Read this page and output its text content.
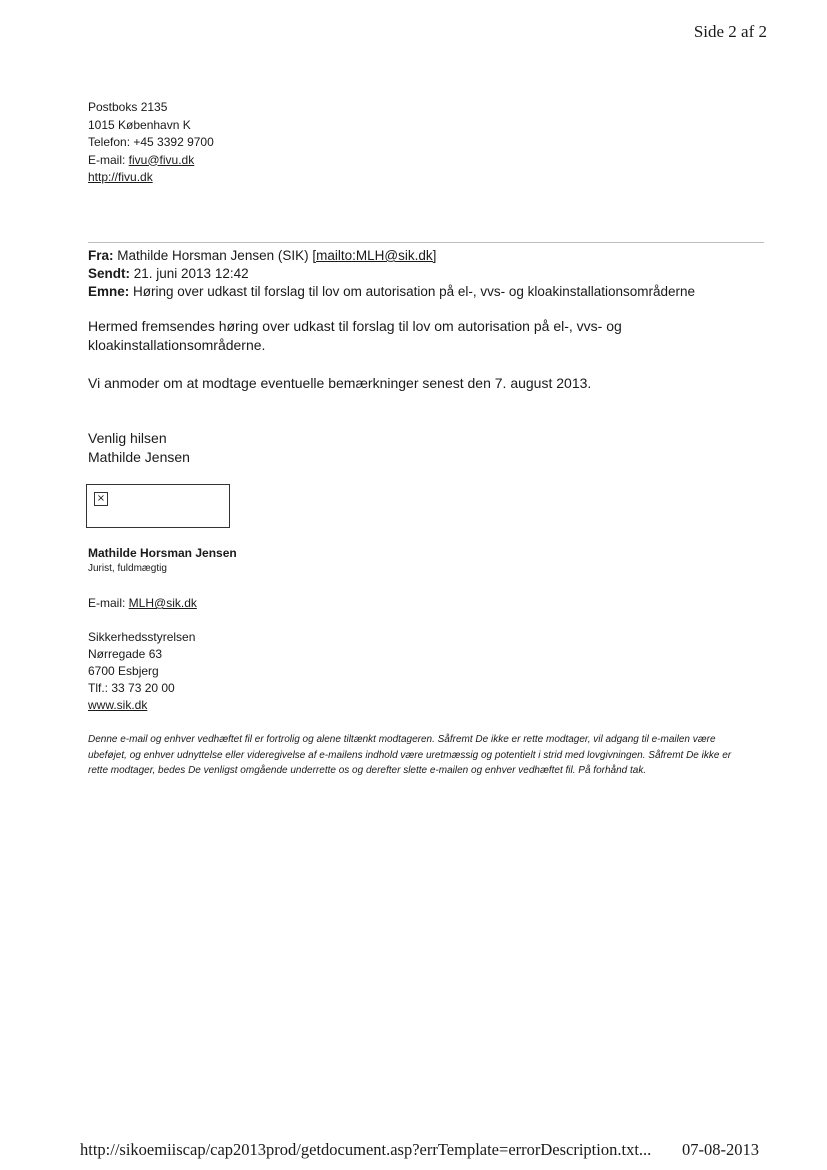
Side 2 af 2
Postboks 2135
1015 København K
Telefon: +45 3392 9700
E-mail: fivu@fivu.dk
http://fivu.dk
Fra: Mathilde Horsman Jensen (SIK) [mailto:MLH@sik.dk]
Sendt: 21. juni 2013 12:42
Emne: Høring over udkast til forslag til lov om autorisation på el-, vvs- og kloakinstallationsområderne
Hermed fremsendes høring over udkast til forslag til lov om autorisation på el-, vvs- og
kloakinstallationsområderne.
Vi anmoder om at modtage eventuelle bemærkninger senest den 7. august 2013.
Venlig hilsen
Mathilde Jensen
×
Mathilde Horsman Jensen
Jurist, fuldmægtig
E-mail: MLH@sik.dk
Sikkerhedsstyrelsen
Nørregade 63
6700 Esbjerg
Tlf.: 33 73 20 00
www.sik.dk
Denne e-mail og enhver vedhæftet fil er fortrolig og alene tiltænkt modtageren. Såfremt De ikke er rette modtager, vil adgang til e-mailen være ubeføjet, og enhver udnyttelse eller videregivelse af e-mailens indhold være uretmæssig og potentielt i strid med lovgivningen. Såfremt De ikke er rette modtager, bedes De venligst omgående underrette os og derefter slette e-mailen og enhver vedhæftet fil. På forhånd tak.
http://sikoemiiscap/cap2013prod/getdocument.asp?errTemplate=errorDescription.txt... 07-08-2013
